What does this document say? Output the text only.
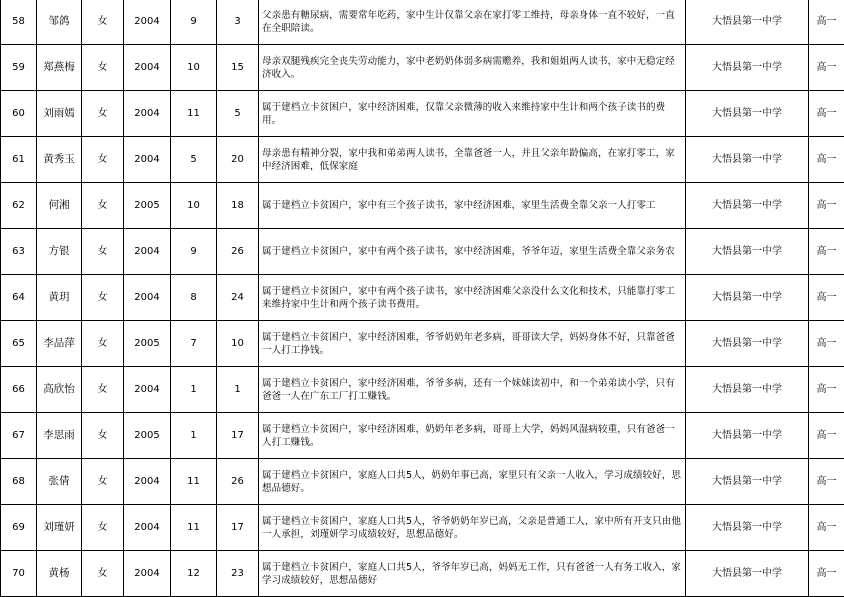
58	邹鸽	女	2004	9	3	父亲患有糖尿病，需要常年吃药，家中生计仅靠父亲在家打零工维持，母亲身体一直不较好，一直在全职陪读。	大悟县第一中学	高一
59	郑燕梅	女	2004	10	15	母亲双腿残疾完全丧失劳动能力，家中老奶奶体弱多病需赡养，我和姐姐两人读书，家中无稳定经济收入。	大悟县第一中学	高一
60	刘雨嫣	女	2004	11	5	属于建档立卡贫困户，家中经济困难，仅靠父亲微薄的收入来维持家中生计和两个孩子读书的费用。	大悟县第一中学	高一
61	黄秀玉	女	2004	5	20	母亲患有精神分裂，家中我和弟弟两人读书，全靠爸爸一人，并且父亲年龄偏高，在家打零工，家中经济困难，低保家庭	大悟县第一中学	高一
62	何湘	女	2005	10	18	属于建档立卡贫困户，家中有三个孩子读书，家中经济困难，家里生活费全靠父亲一人打零工	大悟县第一中学	高一
63	方银	女	2004	9	26	属于建档立卡贫困户，家中有两个孩子读书，家中经济困难，爷爷年迈，家里生活费全靠父亲务农	大悟县第一中学	高一
64	黄玥	女	2004	8	24	属于建档立卡贫困户，家中有两个孩子读书，家中经济困难父亲没什么文化和技术，只能靠打零工来维持家中生计和两个孩子读书费用。	大悟县第一中学	高一
65	李品萍	女	2005	7	10	属于建档立卡贫困户，家中经济困难，爷爷奶奶年老多病，哥哥读大学，妈妈身体不好，只靠爸爸一人打工挣钱。	大悟县第一中学	高一
66	高欣怡	女	2004	1	1	属于建档立卡贫困户，家中经济困难，爷爷多病，还有一个妹妹读初中，和一个弟弟读小学，只有爸爸一人在广东工厂打工赚钱。	大悟县第一中学	高一
67	李思雨	女	2005	1	17	属于建档立卡贫困户，家中经济困难，奶奶年老多病，哥哥上大学，妈妈风湿病较重，只有爸爸一人打工赚钱。	大悟县第一中学	高一
68	张倩	女	2004	11	26	属于建档立卡贫困户，家庭人口共5人，奶奶年事已高，家里只有父亲一人收入，学习成绩较好，思想品德好。	大悟县第一中学	高一
69	刘瑾妍	女	2004	11	17	属于建档立卡贫困户，家庭人口共5人，爷爷奶奶年岁已高，父亲是普通工人，家中所有开支只由他一人承担，刘瑾妍学习成绩较好，思想品德好。	大悟县第一中学	高一
70	黄杨	女	2004	12	23	属于建档立卡贫困户，家庭人口共5人，爷爷年岁已高，妈妈无工作，只有爸爸一人有务工收入，家学习成绩较好，思想品德好	大悟县第一中学	高一
